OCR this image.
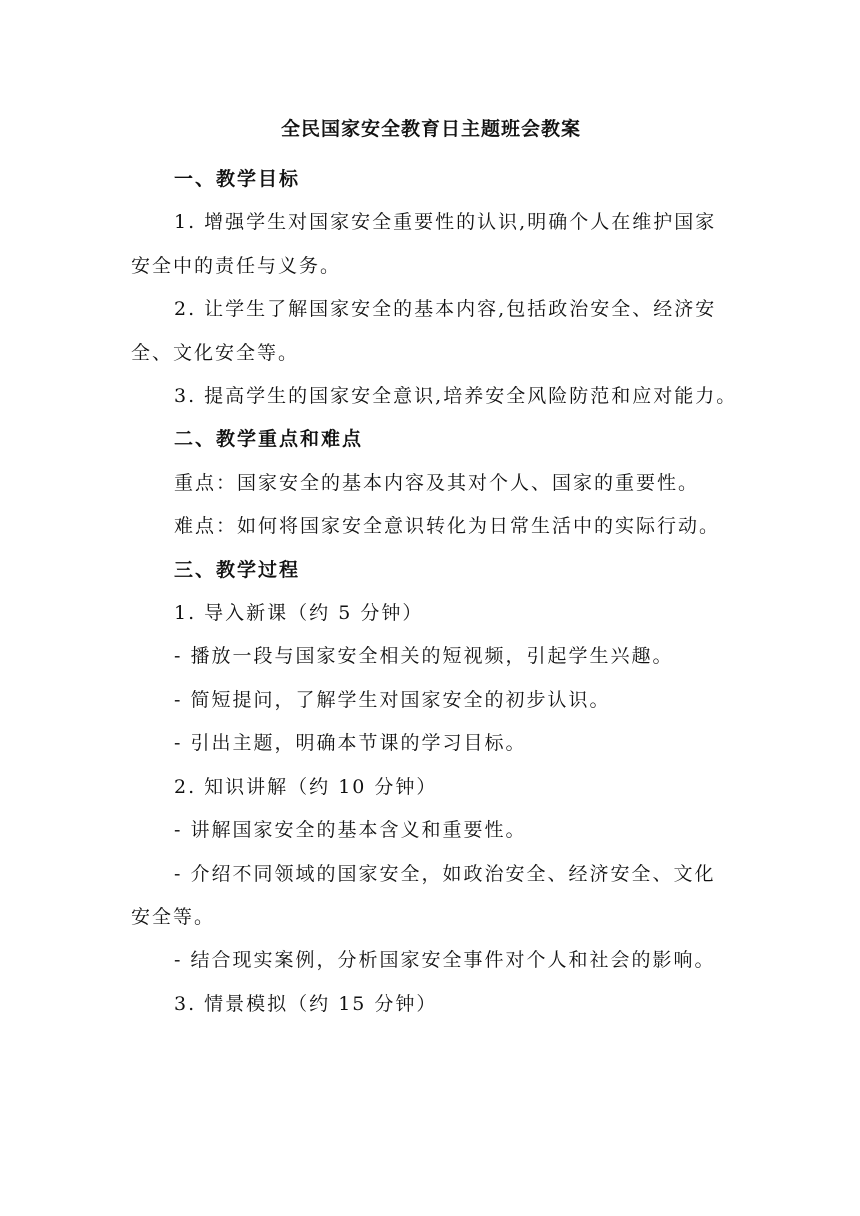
全民国家安全教育日主题班会教案
一、教学目标
1. 增强学生对国家安全重要性的认识,明确个人在维护国家安全中的责任与义务。
2. 让学生了解国家安全的基本内容,包括政治安全、经济安全、文化安全等。
3. 提高学生的国家安全意识,培养安全风险防范和应对能力。
二、教学重点和难点
重点：国家安全的基本内容及其对个人、国家的重要性。
难点：如何将国家安全意识转化为日常生活中的实际行动。
三、教学过程
1. 导入新课（约 5 分钟）
- 播放一段与国家安全相关的短视频，引起学生兴趣。
- 简短提问，了解学生对国家安全的初步认识。
- 引出主题，明确本节课的学习目标。
2. 知识讲解（约 10 分钟）
- 讲解国家安全的基本含义和重要性。
- 介绍不同领域的国家安全，如政治安全、经济安全、文化安全等。
- 结合现实案例，分析国家安全事件对个人和社会的影响。
3. 情景模拟（约 15 分钟）
